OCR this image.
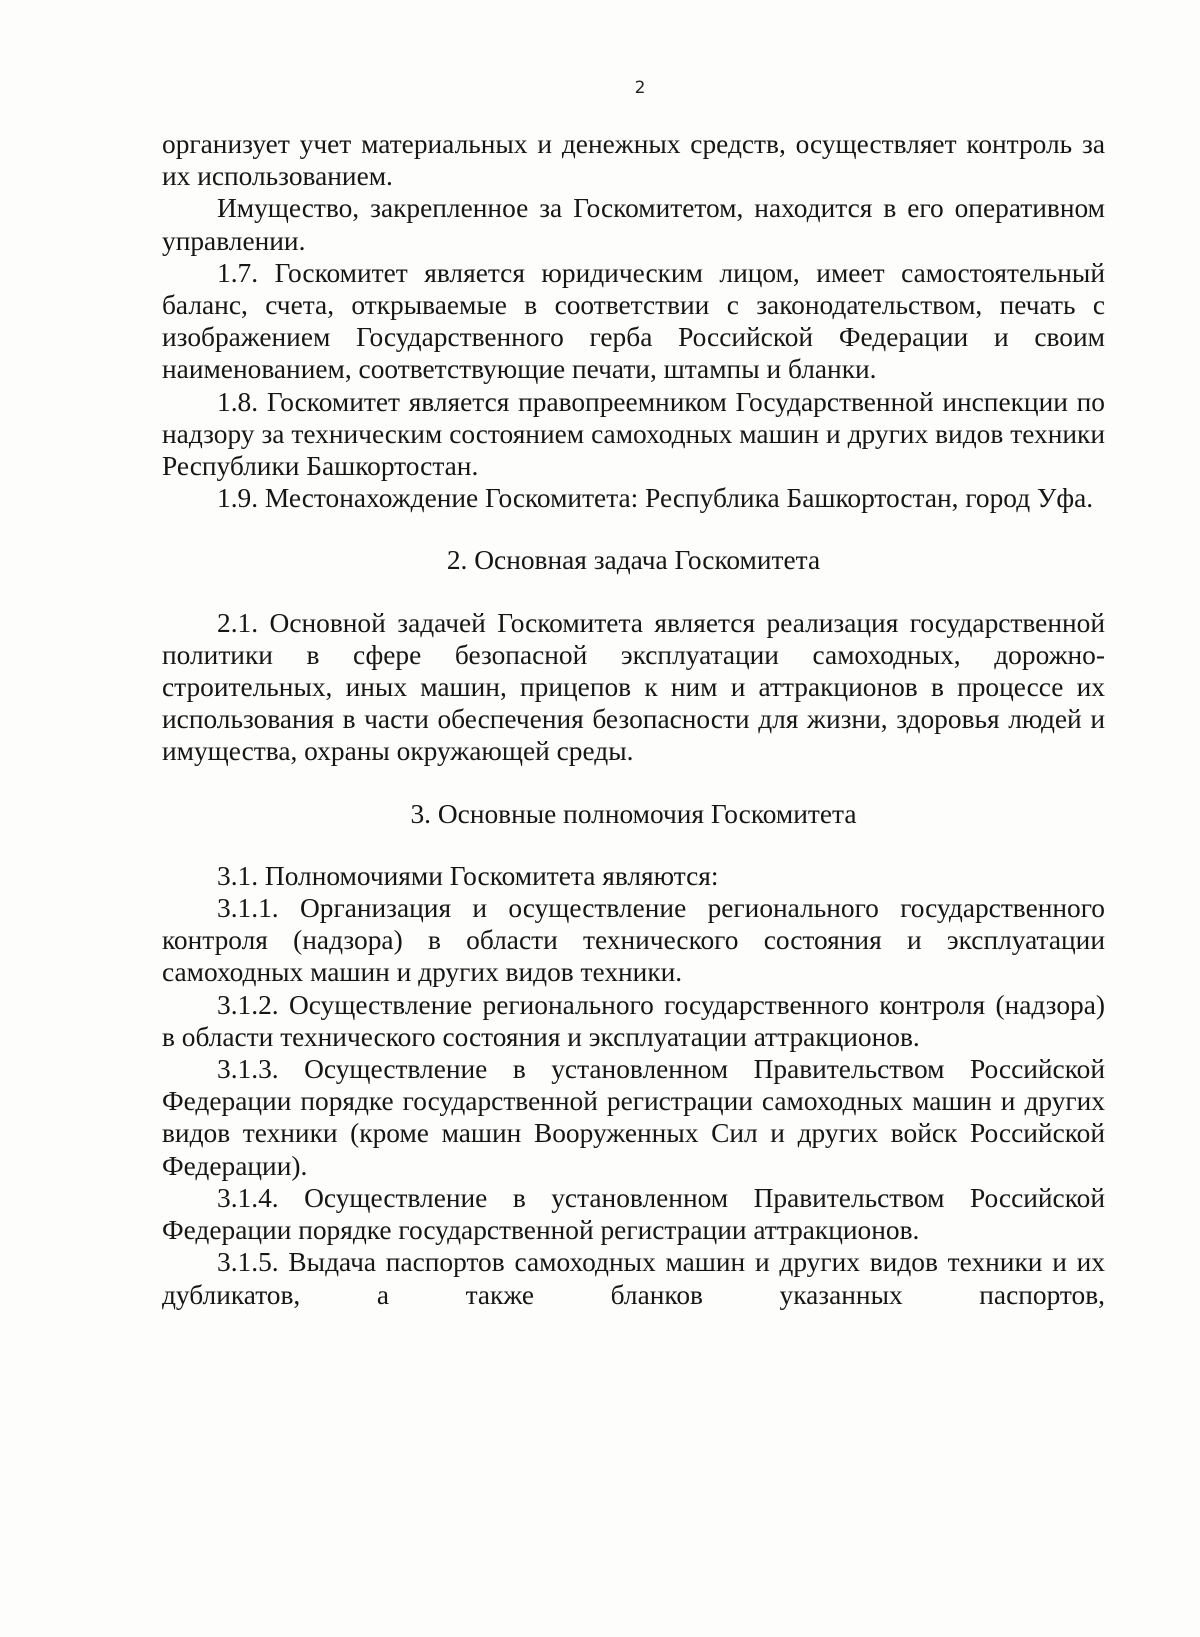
2

организует учет материальных и денежных средств, осуществляет контроль за их использованием.

Имущество, закрепленное за Госкомитетом, находится в его оперативном управлении.

1.7. Госкомитет является юридическим лицом, имеет самостоятельный баланс, счета, открываемые в соответствии с законодательством, печать с изображением Государственного герба Российской Федерации и своим наименованием, соответствующие печати, штампы и бланки.

1.8. Госкомитет является правопреемником Государственной инспекции по надзору за техническим состоянием самоходных машин и других видов техники Республики Башкортостан.

1.9. Местонахождение Госкомитета: Республика Башкортостан, город Уфа.

2. Основная задача Госкомитета

2.1. Основной задачей Госкомитета является реализация государственной политики в сфере безопасной эксплуатации самоходных, дорожно-строительных, иных машин, прицепов к ним и аттракционов в процессе их использования в части обеспечения безопасности для жизни, здоровья людей и имущества, охраны окружающей среды.

3. Основные полномочия Госкомитета

3.1. Полномочиями Госкомитета являются:

3.1.1. Организация и осуществление регионального государственного контроля (надзора) в области технического состояния и эксплуатации самоходных машин и других видов техники.

3.1.2. Осуществление регионального государственного контроля (надзора) в области технического состояния и эксплуатации аттракционов.

3.1.3. Осуществление в установленном Правительством Российской Федерации порядке государственной регистрации самоходных машин и других видов техники (кроме машин Вооруженных Сил и других войск Российской Федерации).

3.1.4. Осуществление в установленном Правительством Российской Федерации порядке государственной регистрации аттракционов.

3.1.5. Выдача паспортов самоходных машин и других видов техники и их дубликатов, а также бланков указанных паспортов,
